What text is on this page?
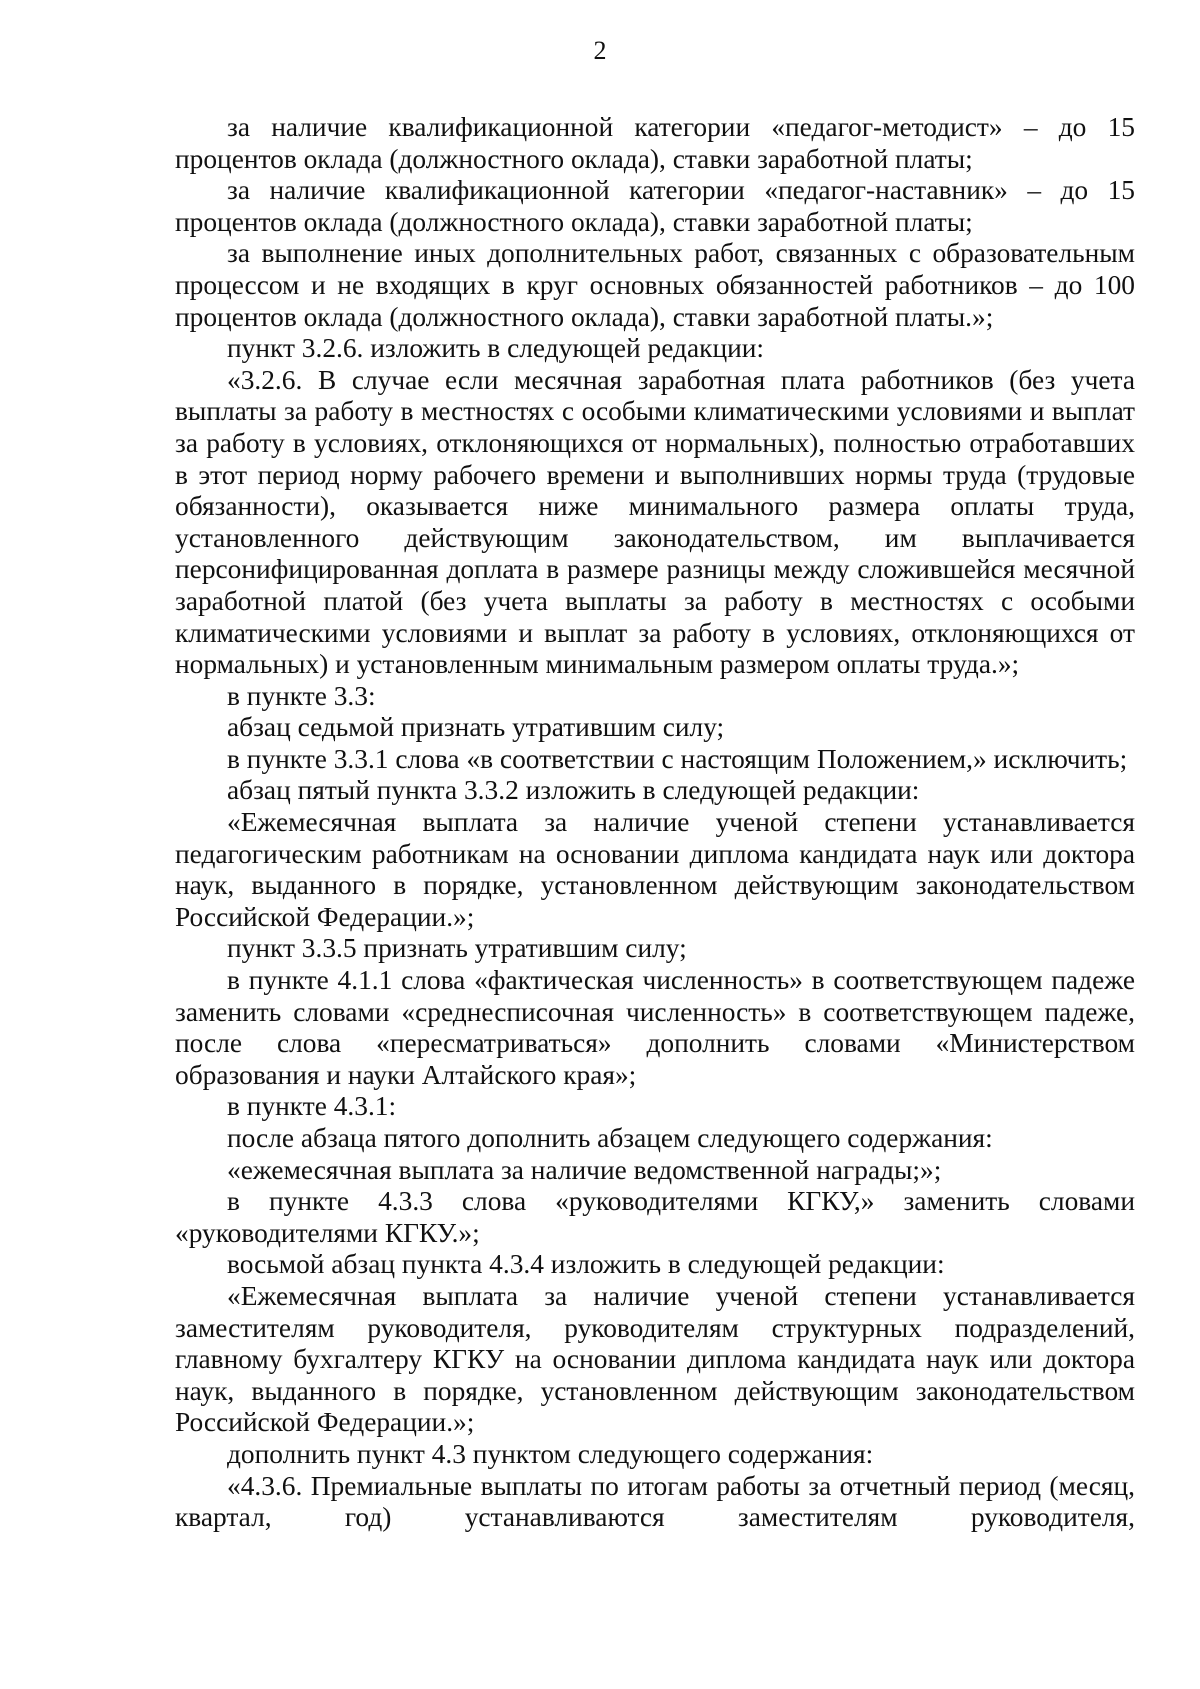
2

за наличие квалификационной категории «педагог-методист» – до 15 процентов оклада (должностного оклада), ставки заработной платы;

за наличие квалификационной категории «педагог-наставник» – до 15 процентов оклада (должностного оклада), ставки заработной платы;

за выполнение иных дополнительных работ, связанных с образовательным процессом и не входящих в круг основных обязанностей работников – до 100 процентов оклада (должностного оклада), ставки заработной платы.»;

пункт 3.2.6. изложить в следующей редакции:

«3.2.6. В случае если месячная заработная плата работников (без учета выплаты за работу в местностях с особыми климатическими условиями и выплат за работу в условиях, отклоняющихся от нормальных), полностью отработавших в этот период норму рабочего времени и выполнивших нормы труда (трудовые обязанности), оказывается ниже минимального размера оплаты труда, установленного действующим законодательством, им выплачивается персонифицированная доплата в размере разницы между сложившейся месячной заработной платой (без учета выплаты за работу в местностях с особыми климатическими условиями и выплат за работу в условиях, отклоняющихся от нормальных) и установленным минимальным размером оплаты труда.»;

в пункте 3.3:

абзац седьмой признать утратившим силу;

в пункте 3.3.1 слова «в соответствии с настоящим Положением,» исключить;

абзац пятый пункта 3.3.2 изложить в следующей редакции:

«Ежемесячная выплата за наличие ученой степени устанавливается педагогическим работникам на основании диплома кандидата наук или доктора наук, выданного в порядке, установленном действующим законодательством Российской Федерации.»;

пункт 3.3.5 признать утратившим силу;

в пункте 4.1.1 слова «фактическая численность» в соответствующем падеже заменить словами «среднесписочная численность» в соответствующем падеже, после слова «пересматриваться» дополнить словами «Министерством образования и науки Алтайского края»;

в пункте 4.3.1:

после абзаца пятого дополнить абзацем следующего содержания:

«ежемесячная выплата за наличие ведомственной награды;»;

в пункте 4.3.3 слова «руководителями КГКУ,» заменить словами «руководителями КГКУ.»;

восьмой абзац пункта 4.3.4 изложить в следующей редакции:

«Ежемесячная выплата за наличие ученой степени устанавливается заместителям руководителя, руководителям структурных подразделений, главному бухгалтеру КГКУ на основании диплома кандидата наук или доктора наук, выданного в порядке, установленном действующим законодательством Российской Федерации.»;

дополнить пункт 4.3 пунктом следующего содержания:

«4.3.6. Премиальные выплаты по итогам работы за отчетный период (месяц, квартал, год) устанавливаются заместителям руководителя,
